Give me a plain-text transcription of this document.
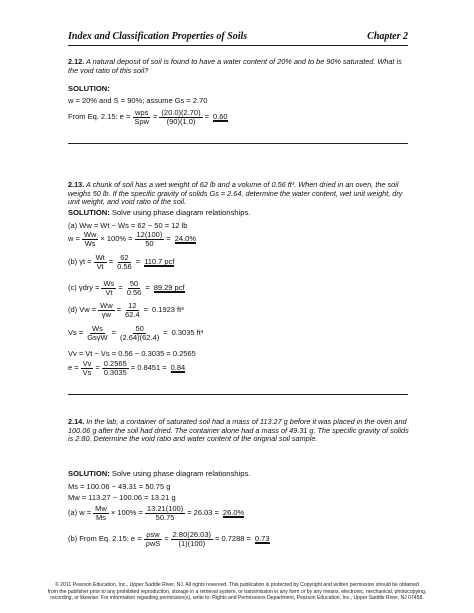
Index and Classification Properties of Soils	Chapter 2
2.12. A natural deposit of soil is found to have a water content of 20% and to be 90% saturated. What is the void ratio of this soil?
SOLUTION:
w = 20% and S = 90%; assume Gs = 2.70
From Eq. 2.15: $e = \frac{\text{wρs}}{\text{Sρw}} = \frac{(20.0)(2.70)}{(90)(1.0)} = 0.60$
2.13. A chunk of soil has a wet weight of 62 lb and a volume of 0.56 ft³. When dried in an oven, the soil weighs 50 lb. If the specific gravity of solids Gs = 2.64, determine the water content, wet unit weight, dry unit weight, and void ratio of the soil.
SOLUTION: Solve using phase diagram relationships.
(a) Ww = Wt − Ws = 62 − 50 = 12 lb
$w = \frac{Ww}{Ws} \times 100\% = \frac{12(100)}{50} = 24.0\%$
(b) $\gamma t = \frac{Wt}{Vt} = \frac{62}{0.56} = 110.7$ pcf
(c) $\gamma dry = \frac{Ws}{Vt} = \frac{50}{0.56} = 89.29$ pcf
(d) $Vw = \frac{Ww}{\gamma w} = \frac{12}{62.4} = 0.1923$ ft³
$Vs = \frac{Ws}{\text{GsγW}} = \frac{50}{(2.64)(62.4)} = 0.3035$ ft³
Vv = Vt − Vs = 0.56 − 0.3035 = 0.2565
$e = \frac{Vv}{Vs} = \frac{0.2565}{0.3035} = 0.8451 = 0.84$
2.14. In the lab, a container of saturated soil had a mass of 113.27 g before it was placed in the oven and 100.06 g after the soil had dried. The container alone had a mass of 49.31 g. The specific gravity of solids is 2.80. Determine the void ratio and water content of the original soil sample.
SOLUTION: Solve using phase diagram relationships.
Ms = 100.06 − 49.31 = 50.75 g
Mw = 113.27 − 100.06 = 13.21 g
(a) $w = \frac{Mw}{Ms} \times 100\% = \frac{13.21(100)}{50.75} = 26.03 = 26.0\%$
(b) From Eq. 2.15: $e = \frac{\text{ρsw}}{\text{ρwS}} = \frac{2.80(26.03)}{(1)(100)} = 0.7288 = 0.73$
© 2011 Pearson Education, Inc., Upper Saddle River, NJ. All rights reserved. This publication is protected by Copyright and written permission should be obtained
from the publisher prior to any prohibited reproduction, storage in a retrieval system, or transmission in any form or by any means, electronic, mechanical, photocopying,
recording, or likewise. For information regarding permission(s), write to: Rights and Permissions Department, Pearson Education, Inc., Upper Saddle River, NJ 07458.
